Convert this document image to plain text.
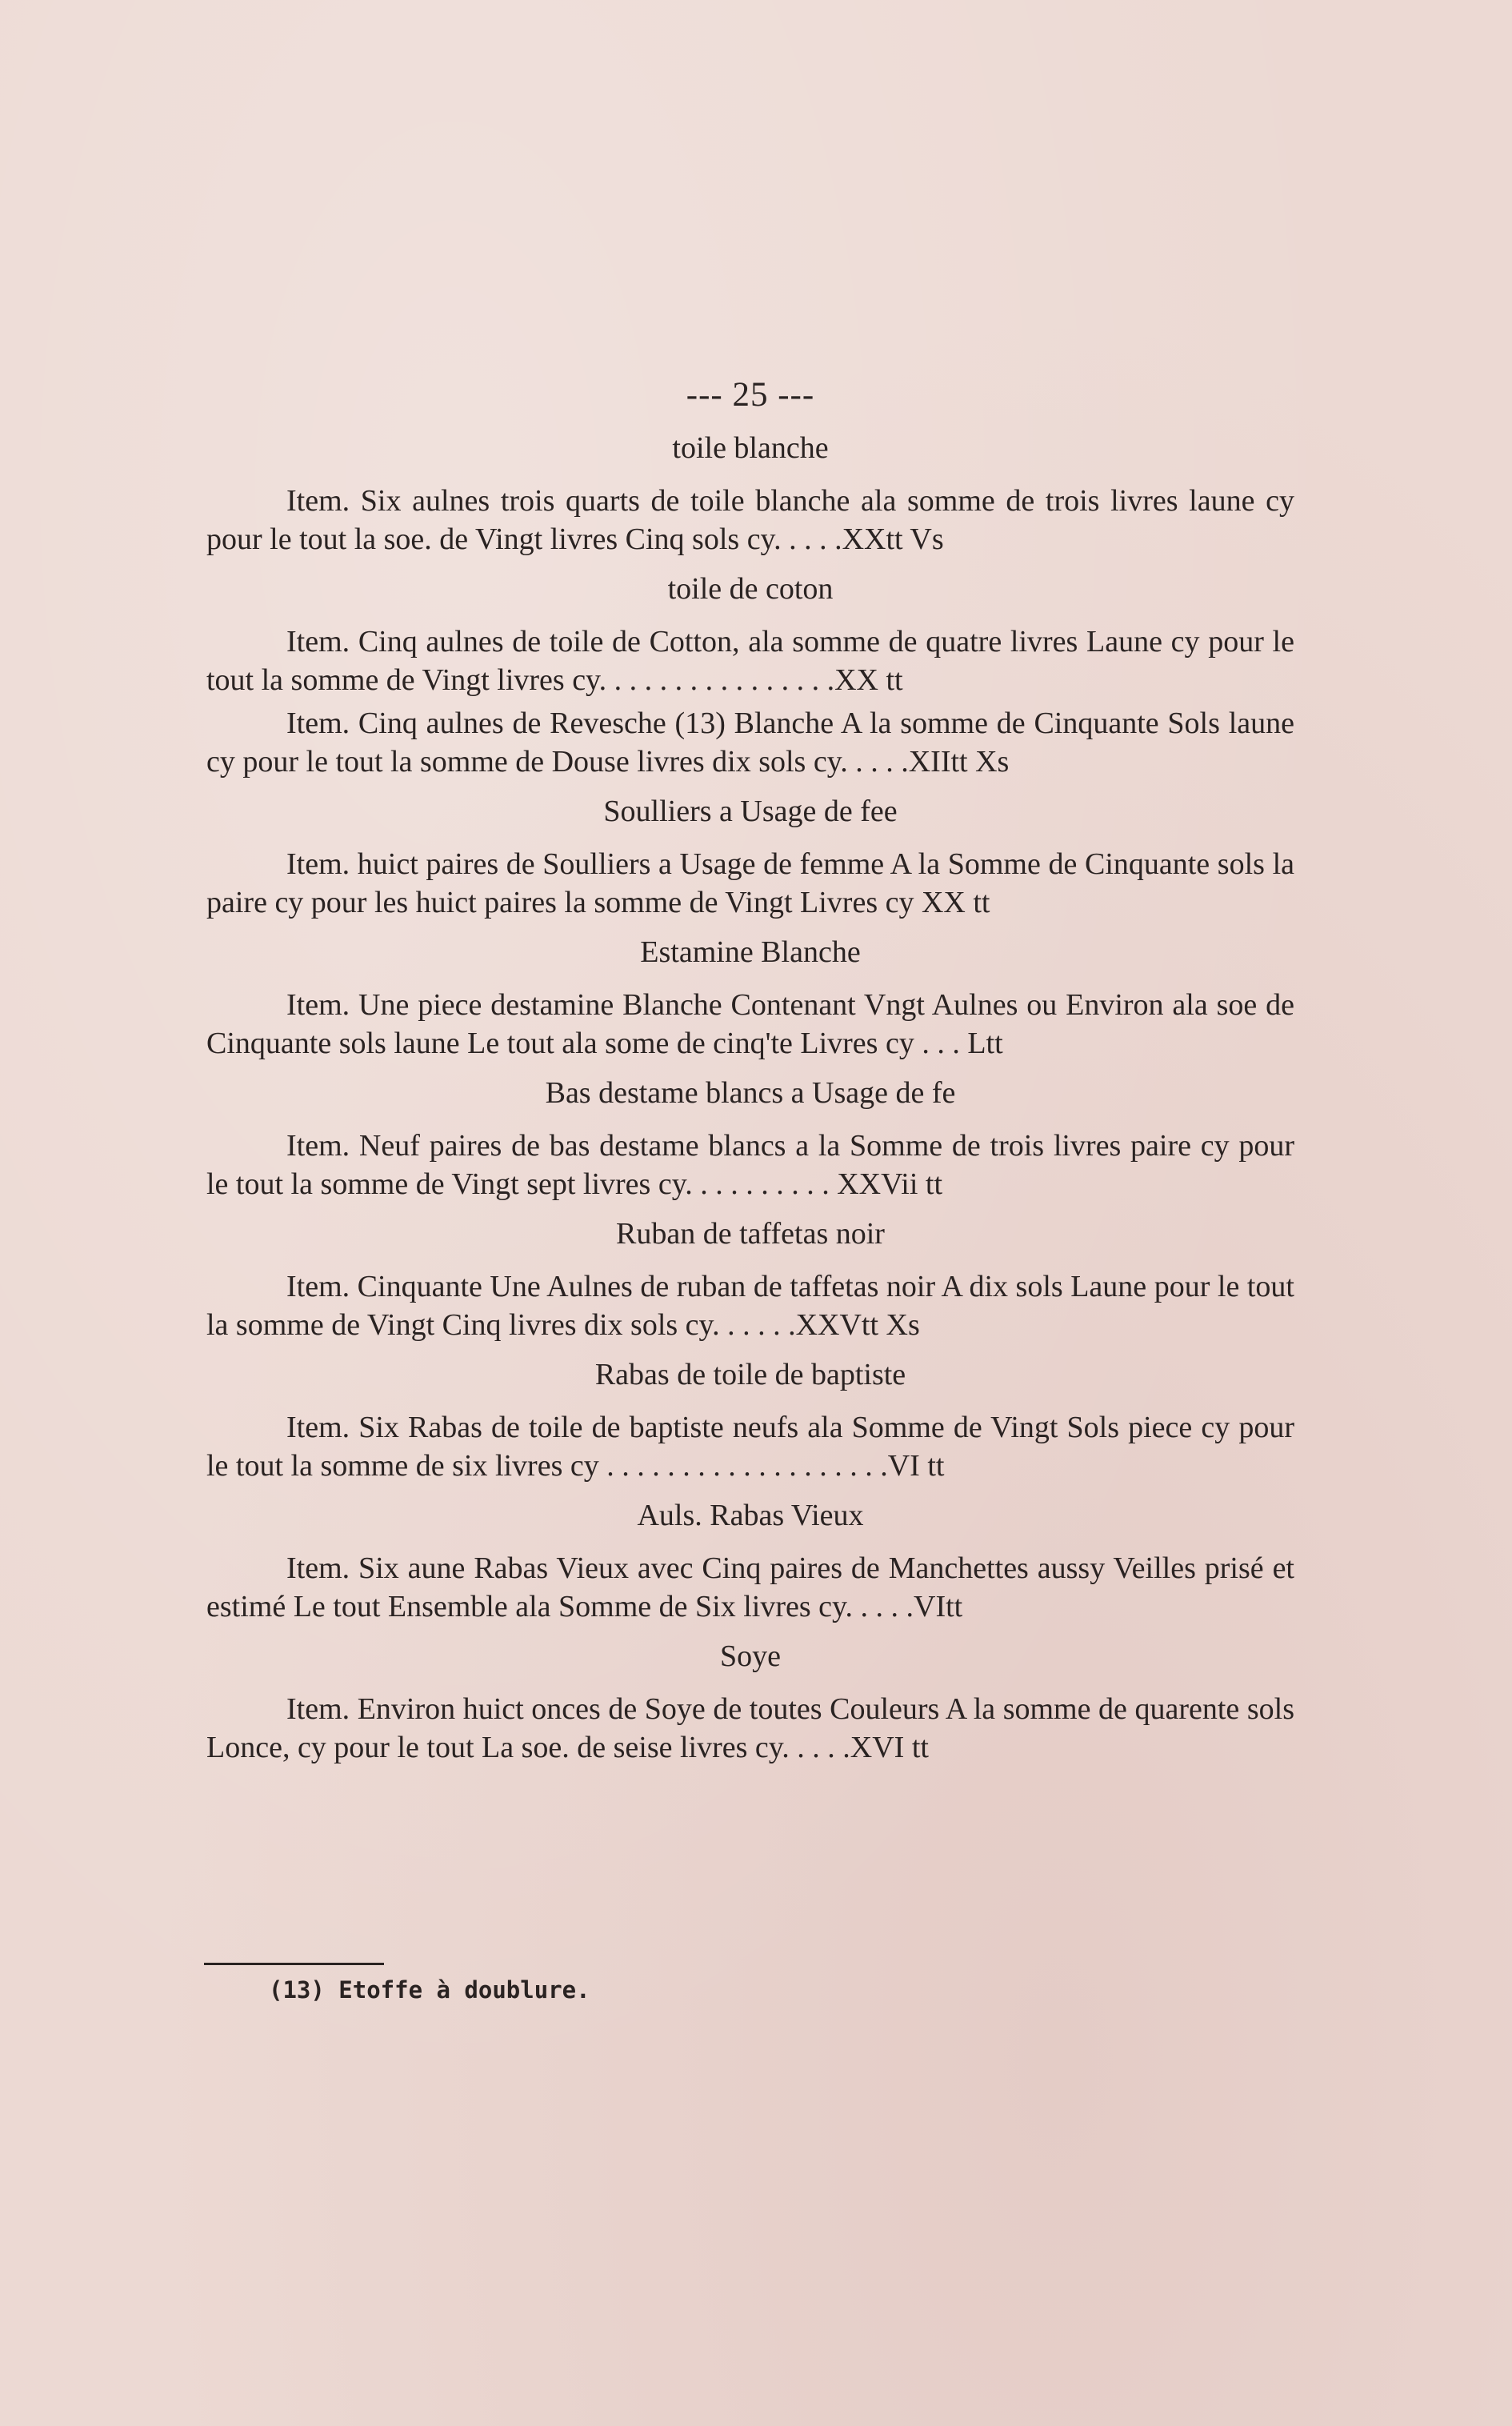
--- 25 ---
toile blanche

Item. Six aulnes trois quarts de toile blanche ala somme de trois livres laune cy pour le tout la soe. de Vingt livres Cinq sols cy. . . . .XXtt Vs

toile de coton

Item. Cinq aulnes de toile de Cotton, ala somme de quatre livres Laune cy pour le tout la somme de Vingt livres cy. . . . . . . . . . . . . . . .XX tt

Item. Cinq aulnes de Revesche (13) Blanche A la somme de Cinquante Sols laune cy pour le tout la somme de Douse livres dix sols cy. . . . .XIItt Xs

Soulliers a Usage de fee

Item. huict paires de Soulliers a Usage de femme A la Somme de Cinquante sols la paire cy pour les huict paires la somme de Vingt Livres cy XX tt

Estamine Blanche

Item. Une piece destamine Blanche Contenant Vngt Aulnes ou Environ ala soe de Cinquante sols laune Le tout ala some de cinq'te Livres cy . . . Ltt

Bas destame blancs a Usage de fe

Item. Neuf paires de bas destame blancs a la Somme de trois livres paire cy pour le tout la somme de Vingt sept livres cy. . . . . . . . . . XXVii tt

Ruban de taffetas noir

Item. Cinquante Une Aulnes de ruban de taffetas noir A dix sols Laune pour le tout la somme de Vingt Cinq livres dix sols cy. . . . . .XXVtt Xs

Rabas de toile de baptiste

Item. Six Rabas de toile de baptiste neufs ala Somme de Vingt Sols piece cy pour le tout la somme de six livres cy . . . . . . . . . . . . . . . . . . .VI tt

Auls. Rabas Vieux

Item. Six aune Rabas Vieux avec Cinq paires de Manchettes aussy Veilles prisé et estimé Le tout Ensemble ala Somme de Six livres cy. . . . .VItt

Soye

Item. Environ huict onces de Soye de toutes Couleurs A la somme de quarente sols Lonce, cy pour le tout La soe. de seise livres cy. . . . .XVI tt

(13) Etoffe à doublure.
